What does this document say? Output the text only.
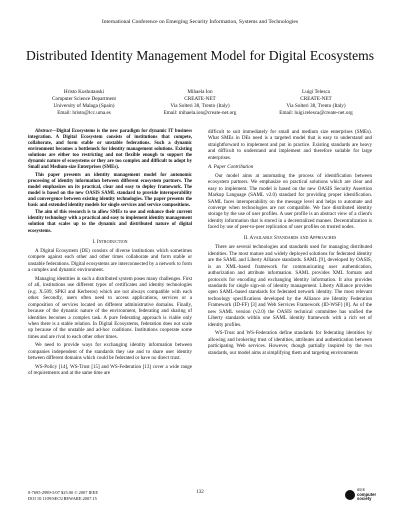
International Conference on Emerging Security Information, Systems and Technologies
Distributed Identity Management Model for Digital Ecosystems
Hristo Koshutanski
Computer Science Department
University of Malaga (Spain)
Email: hristo@lcc.uma.es
Mihaela Ion
CREATE-NET
Via Solteri 38, Trento (Italy)
Email: mihaela.ion@create-net.org
Luigi Telesca
CREATE-NET
Via Solteri 38, Trento (Italy)
Email: luigi.telesca@create-net.org

Abstract—Digital Ecosystems is the new paradigm for dynamic IT business integration. A Digital Ecosystem consists of institutions that compete, collaborate, and form stable or unstable federations. Such a dynamic environment becomes a bottleneck for identity management solutions. Existing solutions are either too restricting and not flexible enough to support the dynamic nature of ecosystems or they are too complex and difficult to adopt by Small and Medium-size Enterprises (SMEs).

This paper presents an identity management model for autonomic processing of identity information between different ecosystem partners. The model emphasizes on its practical, clear and easy to deploy framework. The model is based on the new OASIS SAML standard to provide interoperability and convergence between existing identity technologies. The paper presents the basic and extended identity models for single services and service compositions.

The aim of this research is to allow SMEs to use and enhance their current identity technology with a practical and easy to implement identity management solution that scales up to the dynamic and distributed nature of digital ecosystems.

I. Introduction

A Digital Ecosystem (DE) consists of diverse institutions which sometimes compete against each other and other times collaborate and form stable or unstable federations. Digital ecosystems are interconnected by a network to form a complex and dynamic environment.

Managing identities in such a distributed system poses many challenges. First of all, institutions use different types of certificates and identity technologies (e.g. X.509, SPKI and Kerberos) which are not always compatible with each other. Secondly, users often need to access applications, services or a composition of services located on different administrative domains. Finally, because of the dynamic nature of the environment, federating and sharing of identities becomes a complex task. A pure federating approach is viable only when there is a stable relation. In Digital Ecosystems, federation does not scale up because of the unstable and ad-hoc coalitions. Institutions cooperate some times and are rival to each other other times.

We need to provide ways for exchanging identity information between companies independent of the standards they use and to share user identity between different domains which could be federated or have no direct trust.

WS-Policy [14], WS-Trust [15] and WS-Federation [13] cover a wide range of requirements and at the same time are

difficult to suit immediately for small and medium size enterprises (SMEs). What SMEs in DEs need is a targeted model that is easy to understand and straightforward to implement and put in practice. Existing standards are heavy and difficult to understand and implement and therefore suitable for large enterprises.

A. Paper Contribution

Our model aims at automating the process of identification between ecosystem partners. We emphasize on practical solutions which are clear and easy to implement. The model is based on the new OASIS Security Assertion Markup Language (SAML v2.0) standard for providing proper identification. SAML faces interoperability on the message level and helps to automate and converge when technologies are not compatible. We face distributed identity storage by the use of user profiles. A user profile is an abstract view of a client's identity information that is stored in a decentralized manner. Decentralization is faced by use of peer-to-peer replication of user profiles on trusted nodes.

II. Available Standards and Approaches

There are several technologies and standards used for managing distributed identities. The most mature and widely deployed solutions for federated identity are the SAML and Liberty Alliance standards. SAML [9], developed by OASIS, is an XML-based framework for communicating user authentication, authorization and attribute information. SAML provides XML formats and protocols for encoding and exchanging identity information. It also provides standards for single sign-on of identity management. Liberty Alliance provides open SAML-based standards for federated network identity. The most relevant technology specifications developed by the Alliance are Identity Federation Framework (ID-FF) [3] and Web Services Framework (ID-WSF) [8]. As of the new SAML version (v2.0) the OASIS technical committee has unified the Liberty standards within one SAML identity framework with a rich set of identity profiles.

WS-Trust and WS-Federation define standards for federating identities by allowing and brokering trust of identities, attributes and authentication between participating Web services. However, though partially inspired by the two standards, our model aims at simplifying them and targeting environments

0-7695-2989-5/07 $25.00 © 2007 IEEE
DOI 10.1109/SECUREWARE.2007.15
132	IEEE
computer
society
